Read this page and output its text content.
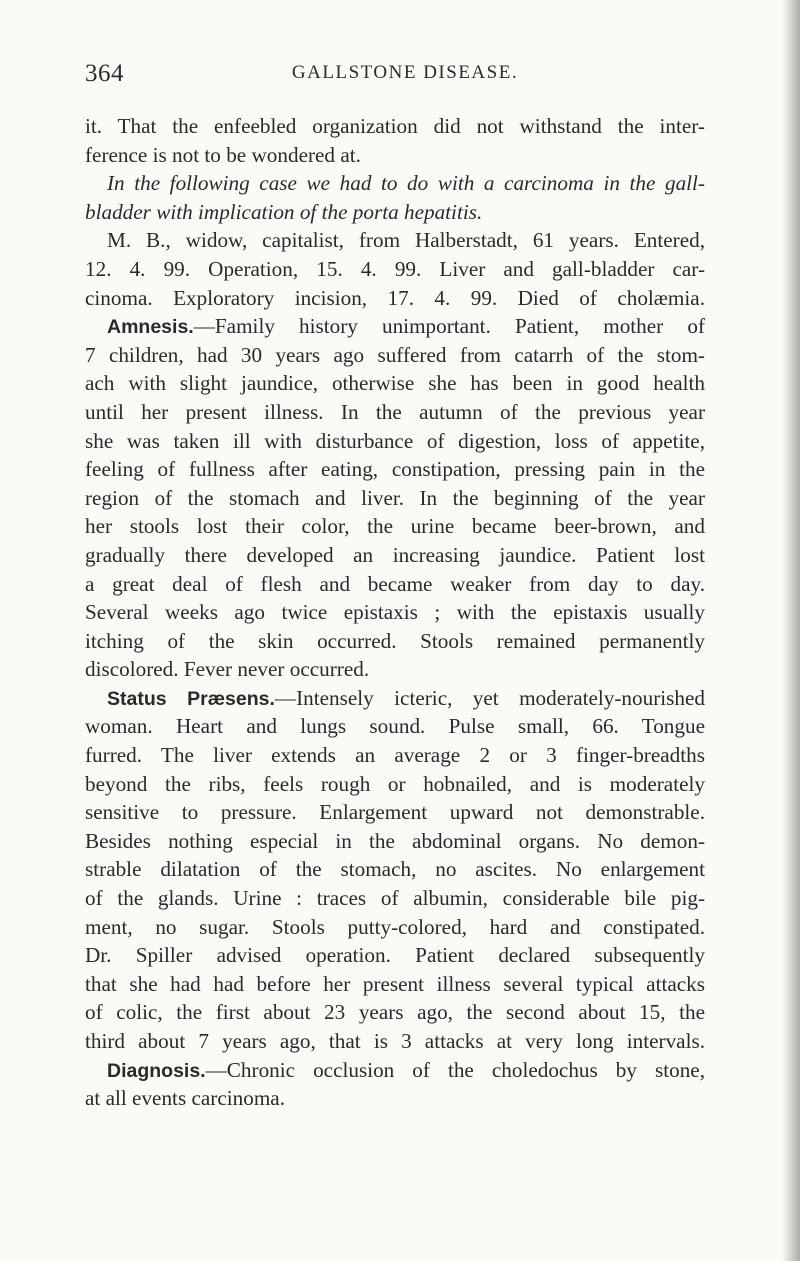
364	GALLSTONE DISEASE.
it. That the enfeebled organization did not withstand the inter-
ference is not to be wondered at.
In the following case we had to do with a carcinoma in the gall-
bladder with implication of the porta hepatitis.
M. B., widow, capitalist, from Halberstadt, 61 years. Entered,
12. 4. 99. Operation, 15. 4. 99. Liver and gall-bladder car-
cinoma. Exploratory incision, 17. 4. 99. Died of cholæmia.
Amnesis.—Family history unimportant. Patient, mother of
7 children, had 30 years ago suffered from catarrh of the stom-
ach with slight jaundice, otherwise she has been in good health
until her present illness. In the autumn of the previous year
she was taken ill with disturbance of digestion, loss of appetite,
feeling of fullness after eating, constipation, pressing pain in the
region of the stomach and liver. In the beginning of the year
her stools lost their color, the urine became beer-brown, and
gradually there developed an increasing jaundice. Patient lost
a great deal of flesh and became weaker from day to day.
Several weeks ago twice epistaxis ; with the epistaxis usually
itching of the skin occurred. Stools remained permanently
discolored. Fever never occurred.
Status Præsens.—Intensely icteric, yet moderately-nourished
woman. Heart and lungs sound. Pulse small, 66. Tongue
furred. The liver extends an average 2 or 3 finger-breadths
beyond the ribs, feels rough or hobnailed, and is moderately
sensitive to pressure. Enlargement upward not demonstrable.
Besides nothing especial in the abdominal organs. No demon-
strable dilatation of the stomach, no ascites. No enlargement
of the glands. Urine : traces of albumin, considerable bile pig-
ment, no sugar. Stools putty-colored, hard and constipated.
Dr. Spiller advised operation. Patient declared subsequently
that she had had before her present illness several typical attacks
of colic, the first about 23 years ago, the second about 15, the
third about 7 years ago, that is 3 attacks at very long intervals.
Diagnosis.—Chronic occlusion of the choledochus by stone,
at all events carcinoma.
